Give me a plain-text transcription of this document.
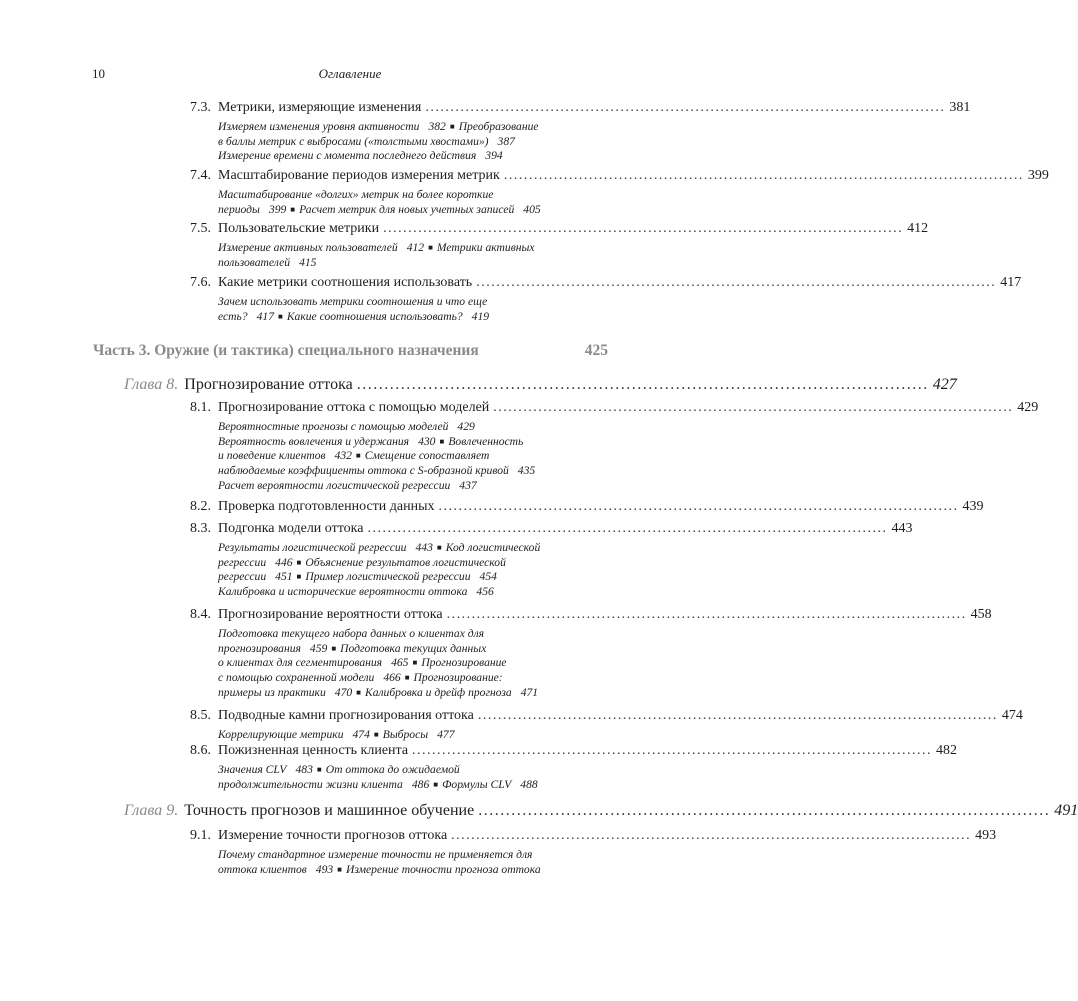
10	Оглавление
7.3. Метрики, измеряющие изменения ........................................................................................................ 381
Измеряем изменения уровня активности 382 ■ Преобразование
в баллы метрик с выбросами («толстыми хвостами») 387
Измерение времени с момента последнего действия 394
7.4. Масштабирование периодов измерения метрик ........................................................................................................ 399
Масштабирование «долгих» метрик на более короткие
периоды 399 ■ Расчет метрик для новых учетных записей 405
7.5. Пользовательские метрики ........................................................................................................ 412
Измерение активных пользователей 412 ■ Метрики активных
пользователей 415
7.6. Какие метрики соотношения использовать ........................................................................................................ 417
Зачем использовать метрики соотношения и что еще
есть? 417 ■ Какие соотношения использовать? 419
Часть 3. Оружие (и тактика) специального назначения	425
Глава 8. Прогнозирование оттока ........................................................................................................ 427
8.1. Прогнозирование оттока с помощью моделей ........................................................................................................ 429
Вероятностные прогнозы с помощью моделей 429
Вероятность вовлечения и удержания 430 ■ Вовлеченность
и поведение клиентов 432 ■ Смещение сопоставляет
наблюдаемые коэффициенты оттока с S-образной кривой 435
Расчет вероятности логистической регрессии 437
8.2. Проверка подготовленности данных ........................................................................................................ 439
8.3. Подгонка модели оттока ........................................................................................................ 443
Результаты логистической регрессии 443 ■ Код логистической
регрессии 446 ■ Объяснение результатов логистической
регрессии 451 ■ Пример логистической регрессии 454
Калибровка и исторические вероятности оттока 456
8.4. Прогнозирование вероятности оттока ........................................................................................................ 458
Подготовка текущего набора данных о клиентах для
прогнозирования 459 ■ Подготовка текущих данных
о клиентах для сегментирования 465 ■ Прогнозирование
с помощью сохраненной модели 466 ■ Прогнозирование:
примеры из практики 470 ■ Калибровка и дрейф прогноза 471
8.5. Подводные камни прогнозирования оттока ........................................................................................................ 474
Коррелирующие метрики 474 ■ Выбросы 477
8.6. Пожизненная ценность клиента ........................................................................................................ 482
Значения CLV 483 ■ От оттока до ожидаемой
продолжительности жизни клиента 486 ■ Формулы CLV 488
Глава 9. Точность прогнозов и машинное обучение ........................................................................................................ 491
9.1. Измерение точности прогнозов оттока ........................................................................................................ 493
Почему стандартное измерение точности не применяется для
оттока клиентов 493 ■ Измерение точности прогноза оттока
